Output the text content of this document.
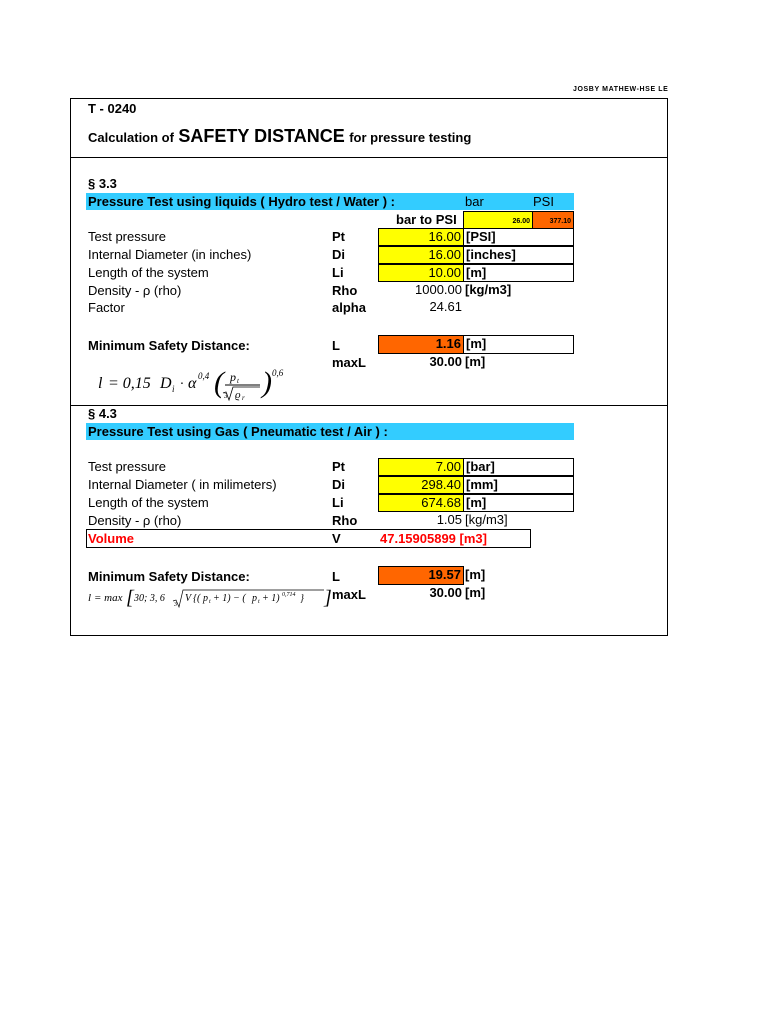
JOSBY MATHEW-HSE LE
T - 0240
Calculation of SAFETY DISTANCE for pressure testing
§ 3.3
Pressure Test using liquids ( Hydro test / Water ) :	bar	PSI
bar to PSI	26.00	377.10
Test pressure	Pt	16.00 [PSI]
Internal Diameter (in inches)	Di	16.00 [inches]
Length of the system	Li	10.00 [m]
Density - ρ (rho)	Rho	1000.00 [kg/m3]
Factor	alpha	24.61
Minimum Safety Distance:	L	1.16 [m]
maxL	30.00 [m]
l = 0,15 D i · α 0,4 ( p t
3 ϱ r ) 0,6
§ 4.3
Pressure Test using Gas ( Pneumatic test / Air ) :
Test pressure	Pt	7.00 [bar]
Internal Diameter ( in milimeters)	Di	298.40 [mm]
Length of the system	Li	674.68 [m]
Density - ρ (rho)	Rho	1.05 [kg/m3]
Volume	V	47.15905899 [m3]
Minimum Safety Distance:	L	19.57 [m]
maxL	30.00 [m]
l = max [ 30; 3, 6
3
V {( p t + 1) − ( p t + 1) 0,714 } ]
